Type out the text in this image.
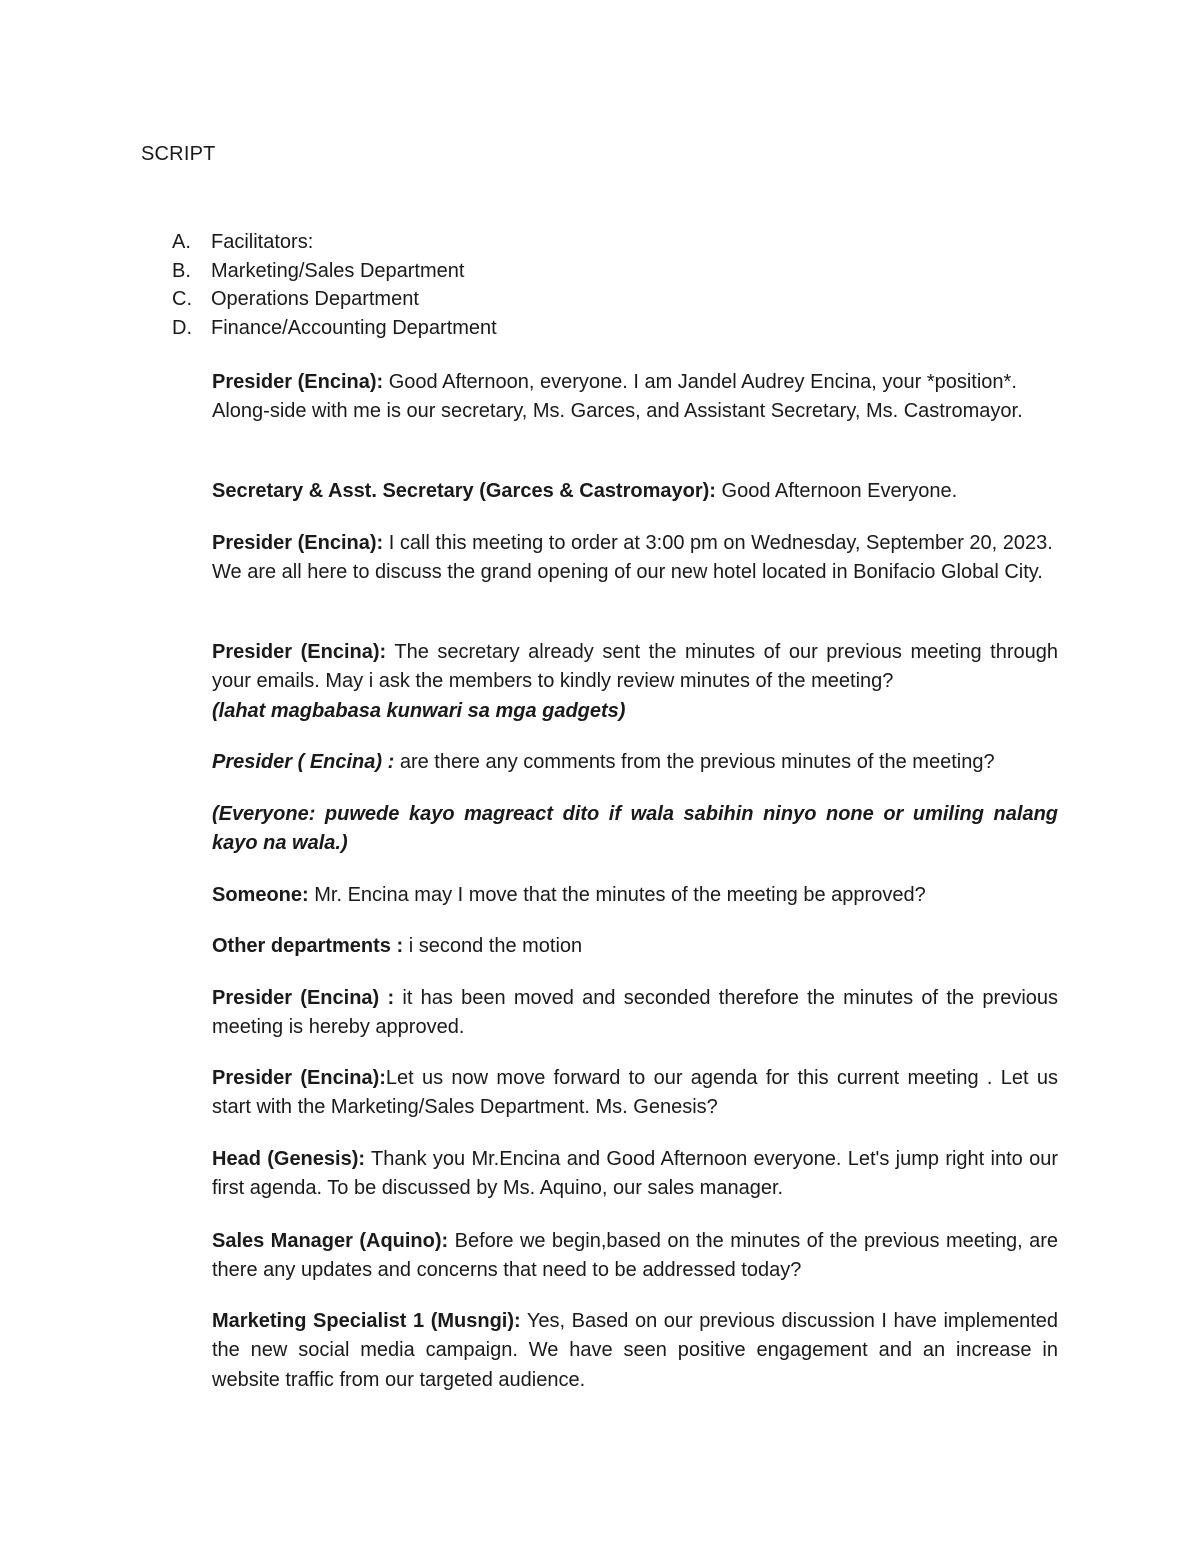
SCRIPT
A.	Facilitators:
B.	Marketing/Sales Department
C. Operations Department
D. Finance/Accounting Department

Presider (Encina): Good Afternoon, everyone. I am Jandel Audrey Encina, your *position*. Along-side with me is our secretary, Ms. Garces, and Assistant Secretary, Ms. Castromayor.

Secretary & Asst. Secretary (Garces & Castromayor): Good Afternoon Everyone.

Presider (Encina): I call this meeting to order at 3:00 pm on Wednesday, September 20, 2023. We are all here to discuss the grand opening of our new hotel located in Bonifacio Global City.

Presider (Encina): The secretary already sent the minutes of our previous meeting through your emails. May i ask the members to kindly review minutes of the meeting?
(lahat magbabasa kunwari sa mga gadgets)

Presider ( Encina) : are there any comments from the previous minutes of the meeting?

(Everyone: puwede kayo magreact dito if wala sabihin ninyo none or umiling nalang kayo na wala.)

Someone: Mr. Encina may I move that the minutes of the meeting be approved?

Other departments : i second the motion

Presider (Encina) : it has been moved and seconded therefore the minutes of the previous meeting is hereby approved.

Presider (Encina):Let us now move forward to our agenda for this current meeting . Let us start with the Marketing/Sales Department. Ms. Genesis?

Head (Genesis): Thank you Mr.Encina and Good Afternoon everyone. Let's jump right into our first agenda. To be discussed by Ms. Aquino, our sales manager.

Sales Manager (Aquino): Before we begin,based on the minutes of the previous meeting, are there any updates and concerns that need to be addressed today?

Marketing Specialist 1 (Musngi): Yes, Based on our previous discussion I have implemented the new social media campaign. We have seen positive engagement and an increase in website traffic from our targeted audience.
